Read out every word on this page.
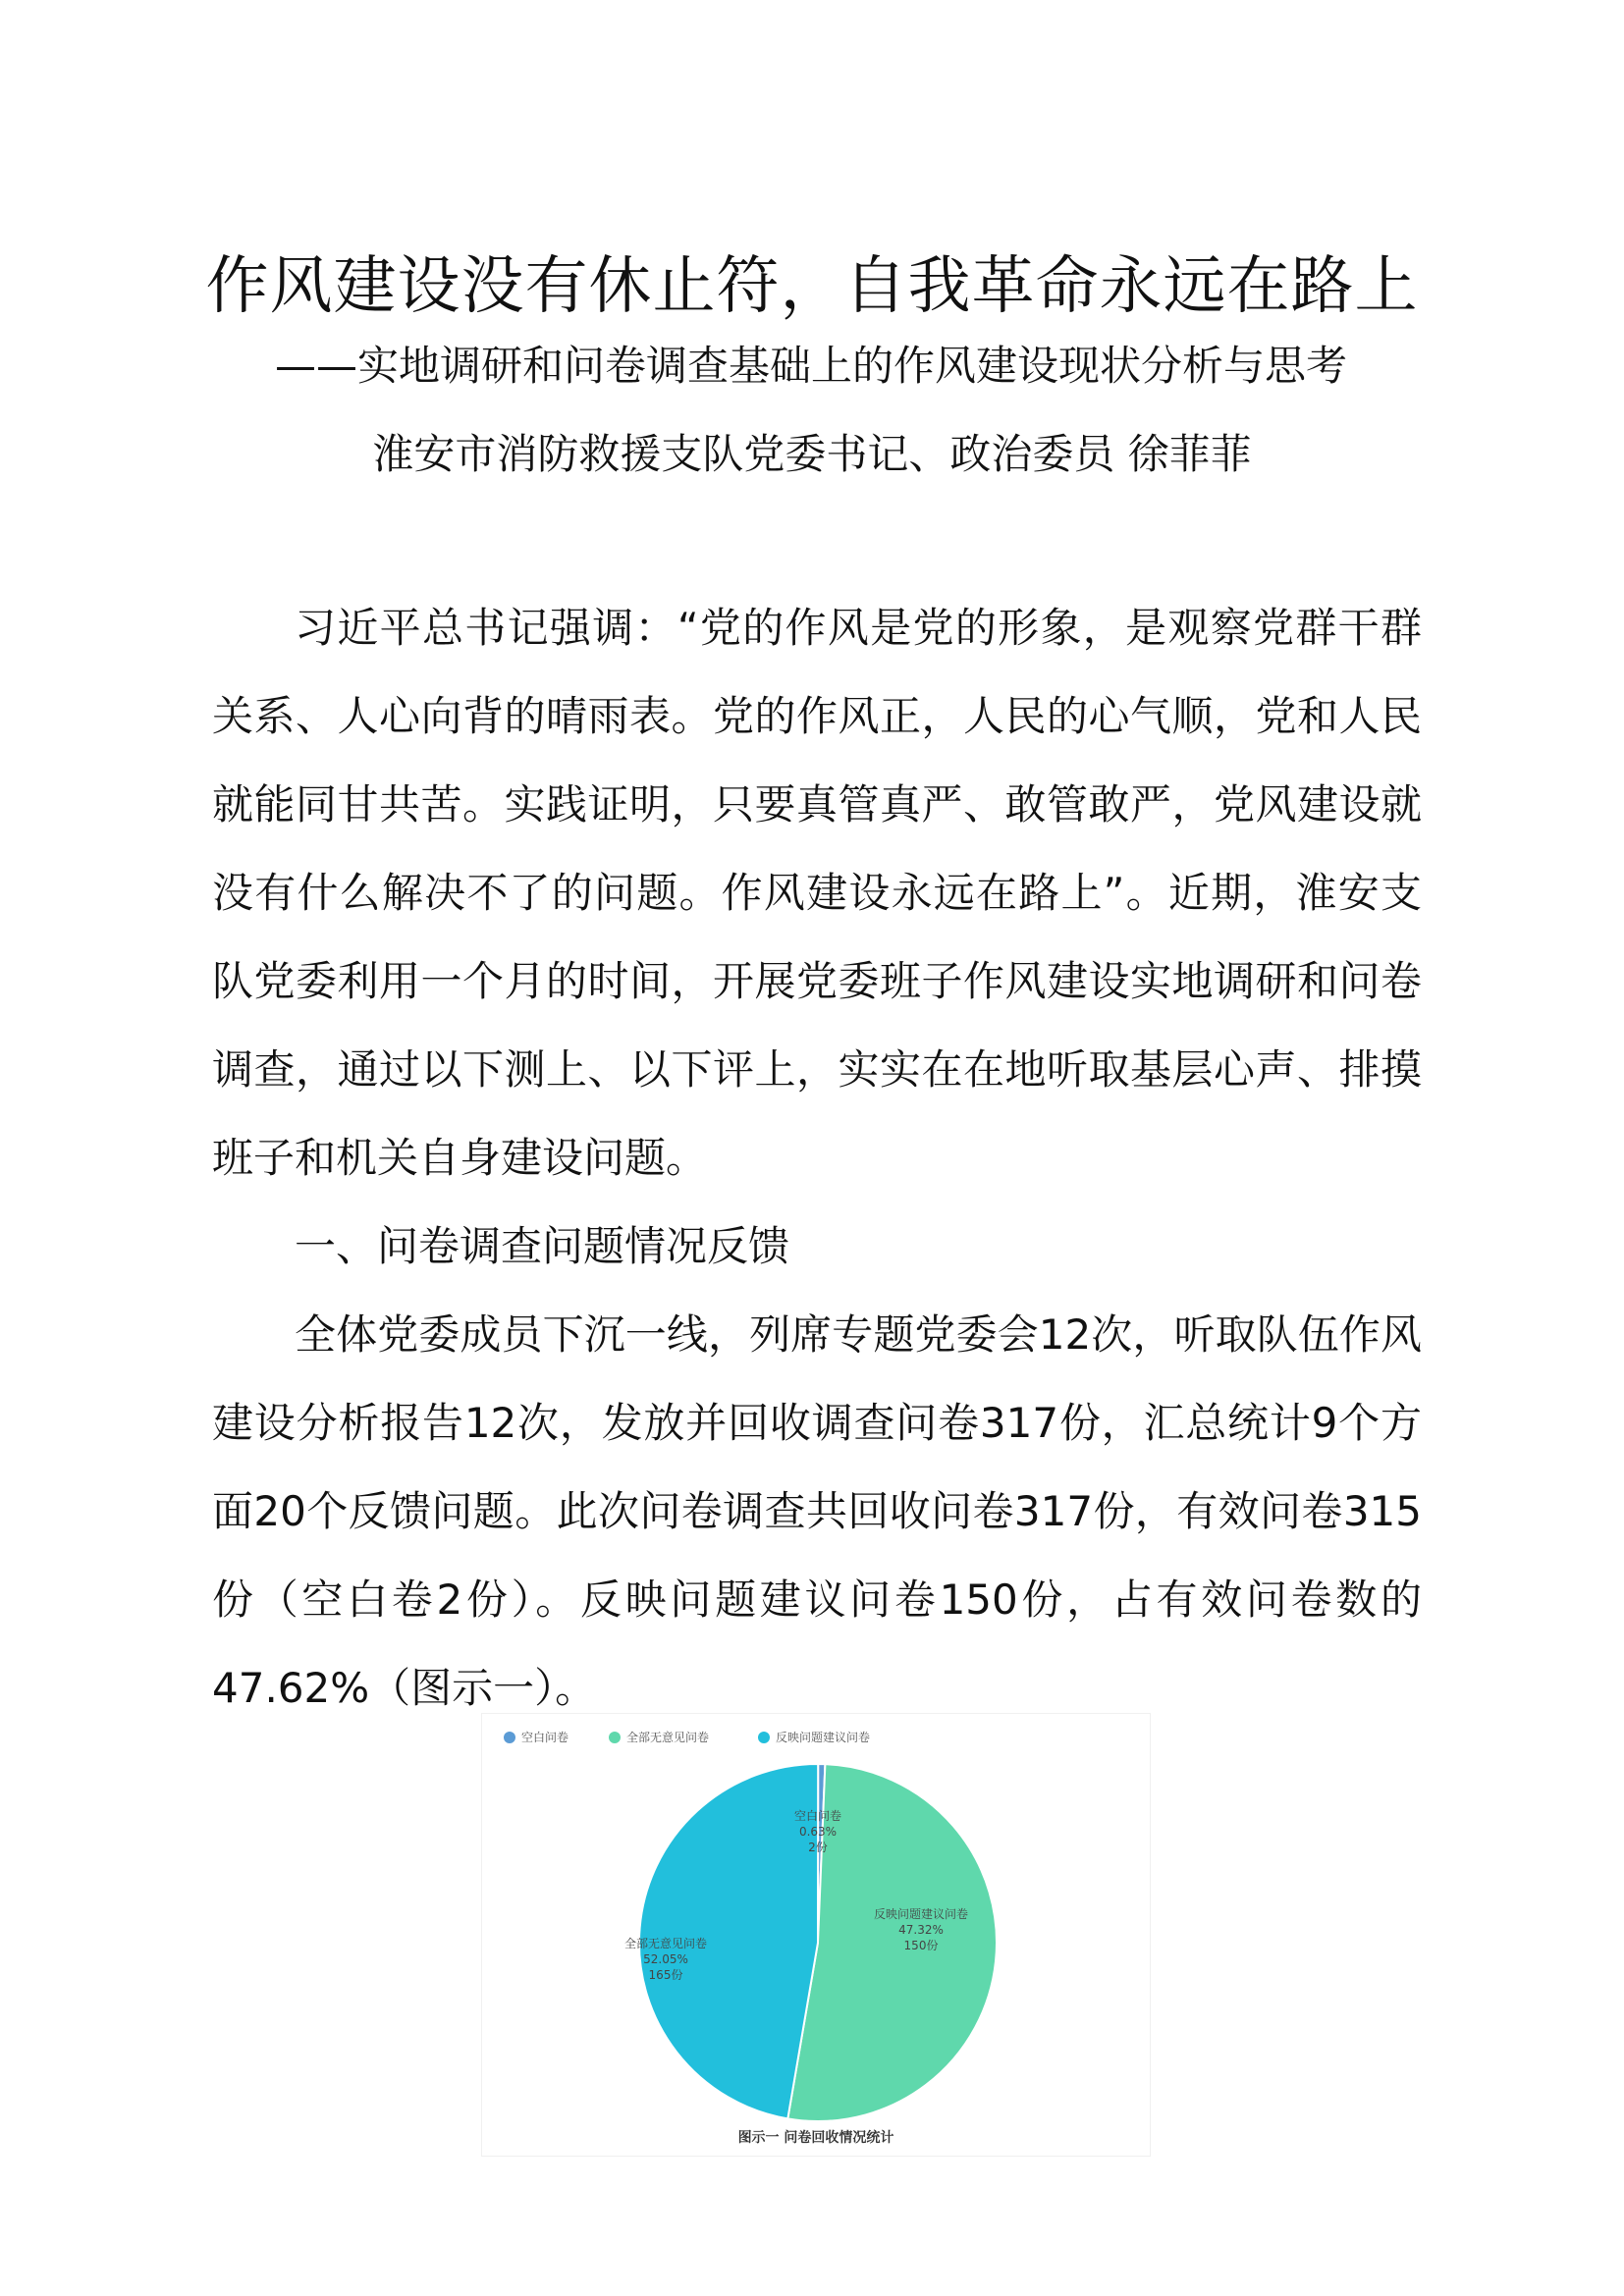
作风建设没有休止符，自我革命永远在路上
——实地调研和问卷调查基础上的作风建设现状分析与思考
淮安市消防救援支队党委书记、政治委员 徐菲菲

习近平总书记强调：“党的作风是党的形象，是观察党群干群关系、人心向背的晴雨表。党的作风正，人民的心气顺，党和人民就能同甘共苦。实践证明，只要真管真严、敢管敢严，党风建设就没有什么解决不了的问题。作风建设永远在路上”。近期，淮安支队党委利用一个月的时间，开展党委班子作风建设实地调研和问卷调查，通过以下测上、以下评上，实实在在地听取基层心声、排摸班子和机关自身建设问题。

一、问卷调查问题情况反馈

全体党委成员下沉一线，列席专题党委会12次，听取队伍作风建设分析报告12次，发放并回收调查问卷317份，汇总统计9个方面20个反馈问题。此次问卷调查共回收问卷317份，有效问卷315份（空白卷2份）。反映问题建议问卷150份，占有效问卷数的47.62%（图示一）。

空白问卷	全部无意见问卷	反映问题建议问卷
空白问卷
0.63%
2份
全部无意见问卷
52.05%
165份
反映问题建议问卷
47.32%
150份
图示一 问卷回收情况统计
